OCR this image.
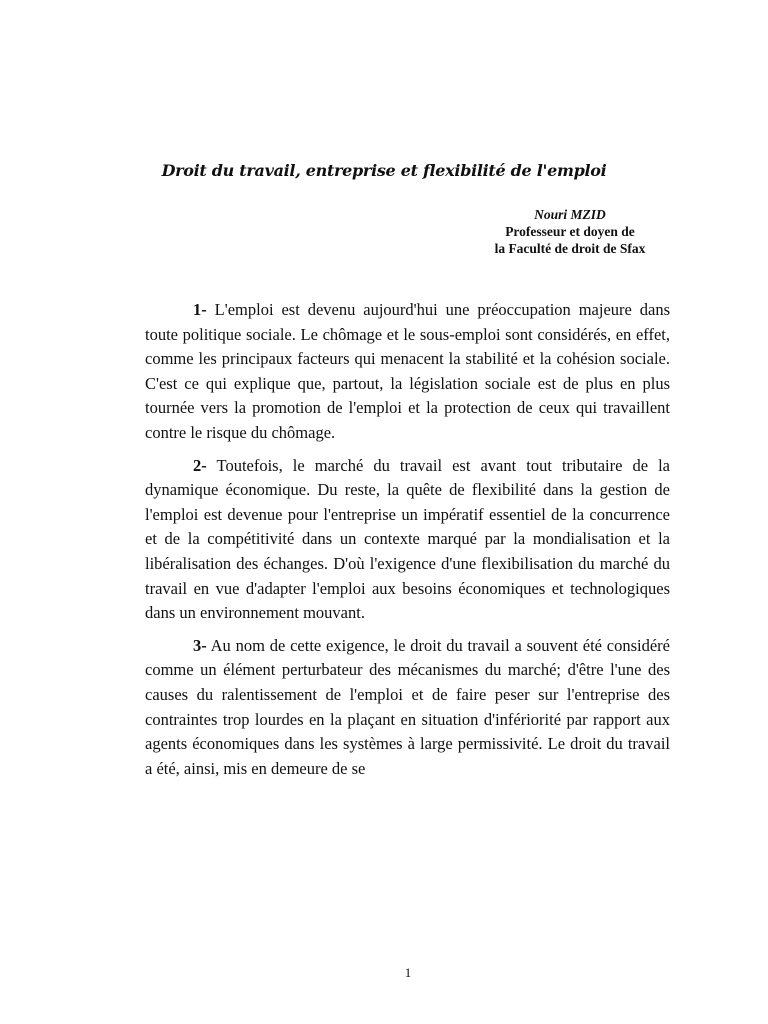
Droit du travail, entreprise et flexibilité de l'emploi
Nouri MZID
Professeur et doyen de
la Faculté de droit de Sfax

1- L'emploi est devenu aujourd'hui une préoccupation majeure dans toute politique sociale. Le chômage et le sous-emploi sont considérés, en effet, comme les principaux facteurs qui menacent la stabilité et la cohésion sociale. C'est ce qui explique que, partout, la législation sociale est de plus en plus tournée vers la promotion de l'emploi et la protection de ceux qui travaillent contre le risque du chômage.

2- Toutefois, le marché du travail est avant tout tributaire de la dynamique économique. Du reste, la quête de flexibilité dans la gestion de l'emploi est devenue pour l'entreprise un impératif essentiel de la concurrence et de la compétitivité dans un contexte marqué par la mondialisation et la libéralisation des échanges. D'où l'exigence d'une flexibilisation du marché du travail en vue d'adapter l'emploi aux besoins économiques et technologiques dans un environnement mouvant.

3- Au nom de cette exigence, le droit du travail a souvent été considéré comme un élément perturbateur des mécanismes du marché; d'être l'une des causes du ralentissement de l'emploi et de faire peser sur l'entreprise des contraintes trop lourdes en la plaçant en situation d'infériorité par rapport aux agents économiques dans les systèmes à large permissivité. Le droit du travail a été, ainsi, mis en demeure de se

1
